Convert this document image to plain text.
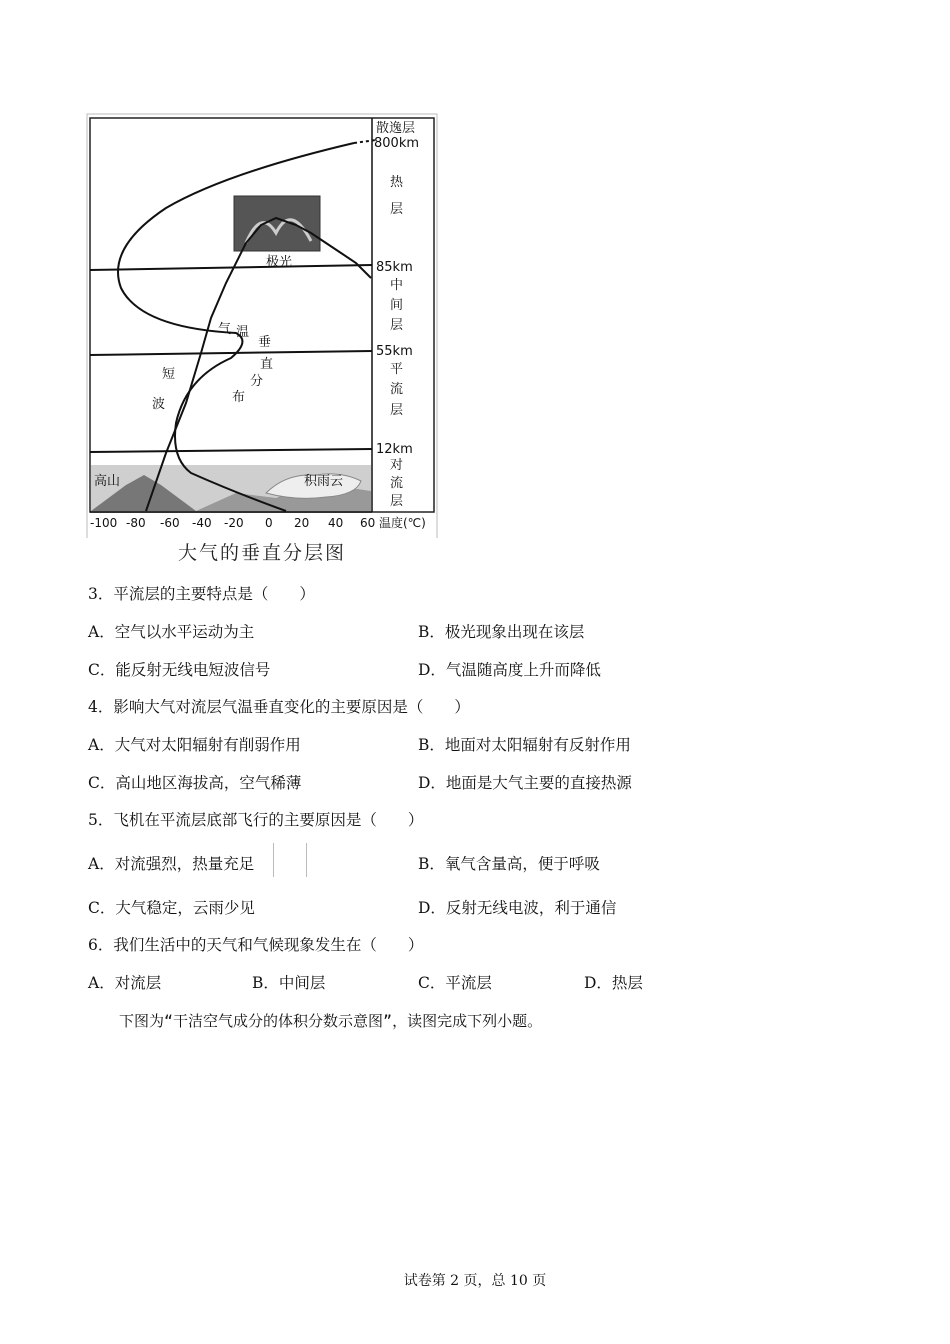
-100 -80 -60 -40 -20 0 20 40 60 温度(℃)
散逸层
800km
热
层
85km
中
间
层
55km
平
流
层
12km
对
流
层
极光
气 温
垂
直
分
布
短
波
高山	积雨云
大气的垂直分层图
3．平流层的主要特点是（　　）
A．空气以水平运动为主	B．极光现象出现在该层
C．能反射无线电短波信号	D．气温随高度上升而降低
4．影响大气对流层气温垂直变化的主要原因是（　　）
A．大气对太阳辐射有削弱作用	B．地面对太阳辐射有反射作用
C．高山地区海拔高，空气稀薄	D．地面是大气主要的直接热源
5．飞机在平流层底部飞行的主要原因是（　　）
A．对流强烈，热量充足	B．氧气含量高，便于呼吸
C．大气稳定，云雨少见	D．反射无线电波，利于通信
6．我们生活中的天气和气候现象发生在（　　）
A．对流层	B．中间层	C．平流层	D．热层
下图为“干洁空气成分的体积分数示意图”，读图完成下列小题。
试卷第 2 页，总 10 页
